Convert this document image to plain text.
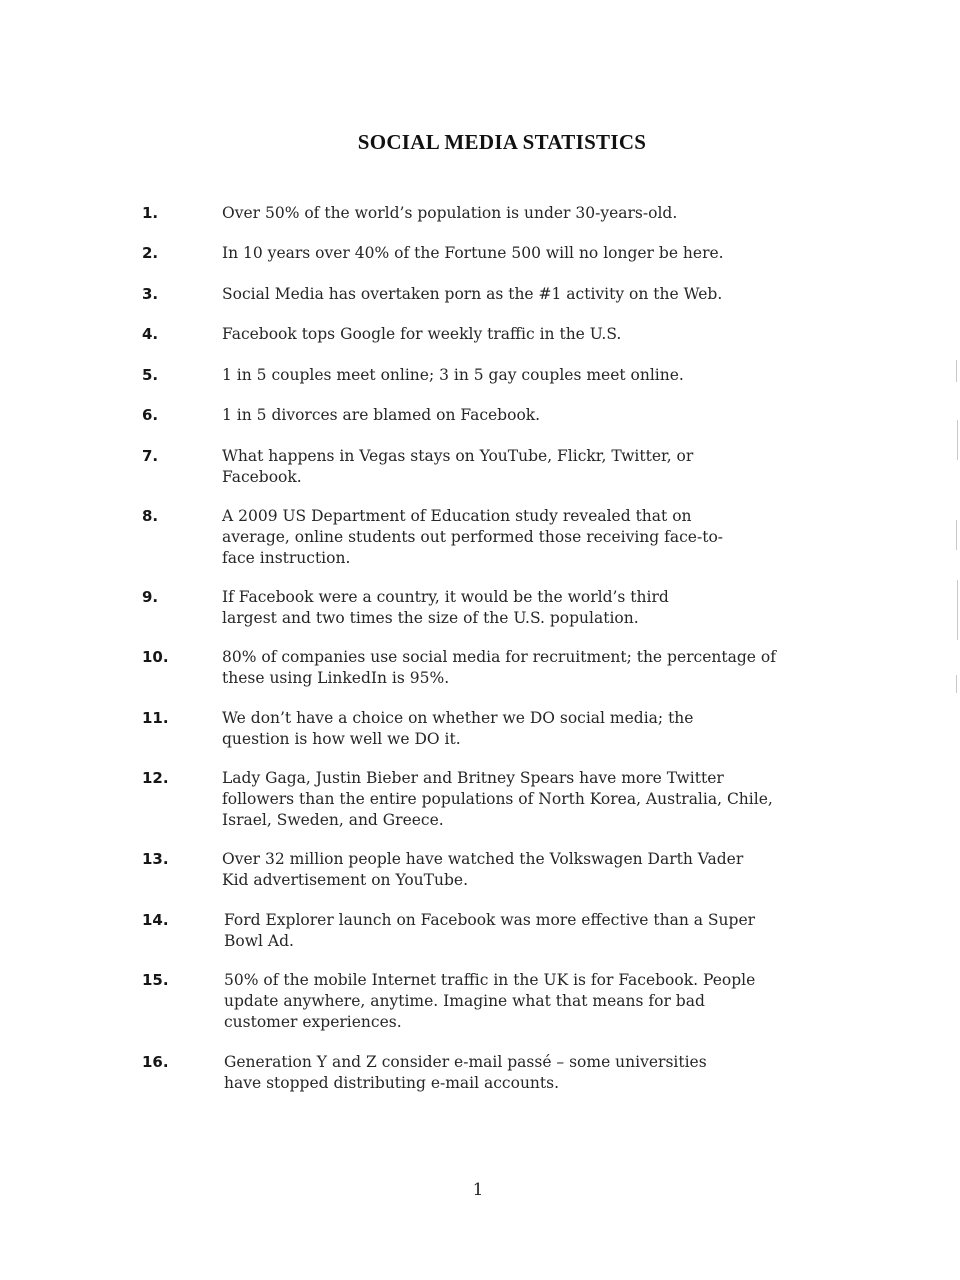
SOCIAL MEDIA STATISTICS
1.	Over 50% of the world’s population is under 30-years-old.
2.	In 10 years over 40% of the Fortune 500 will no longer be here.
3.	Social Media has overtaken porn as the #1 activity on the Web.
4.	Facebook tops Google for weekly traffic in the U.S.
5.	1 in 5 couples meet online; 3 in 5 gay couples meet online.
6.	1 in 5 divorces are blamed on Facebook.
7.	What happens in Vegas stays on YouTube, Flickr, Twitter, or
Facebook.
8.	A 2009 US Department of Education study revealed that on
average, online students out performed those receiving face-to-
face instruction.
9.	If Facebook were a country, it would be the world’s third
largest and two times the size of the U.S. population.
10.	80% of companies use social media for recruitment; the percentage of
these using LinkedIn is 95%.
11.	We don’t have a choice on whether we DO social media; the
question is how well we DO it.
12.	Lady Gaga, Justin Bieber and Britney Spears have more Twitter
followers than the entire populations of North Korea, Australia, Chile,
Israel, Sweden, and Greece.
13.	Over 32 million people have watched the Volkswagen Darth Vader
Kid advertisement on YouTube.
14.	Ford Explorer launch on Facebook was more effective than a Super
Bowl Ad.
15.	50% of the mobile Internet traffic in the UK is for Facebook. People
update anywhere, anytime. Imagine what that means for bad
customer experiences.
16.	Generation Y and Z consider e-mail passé – some universities
have stopped distributing e-mail accounts.
1
